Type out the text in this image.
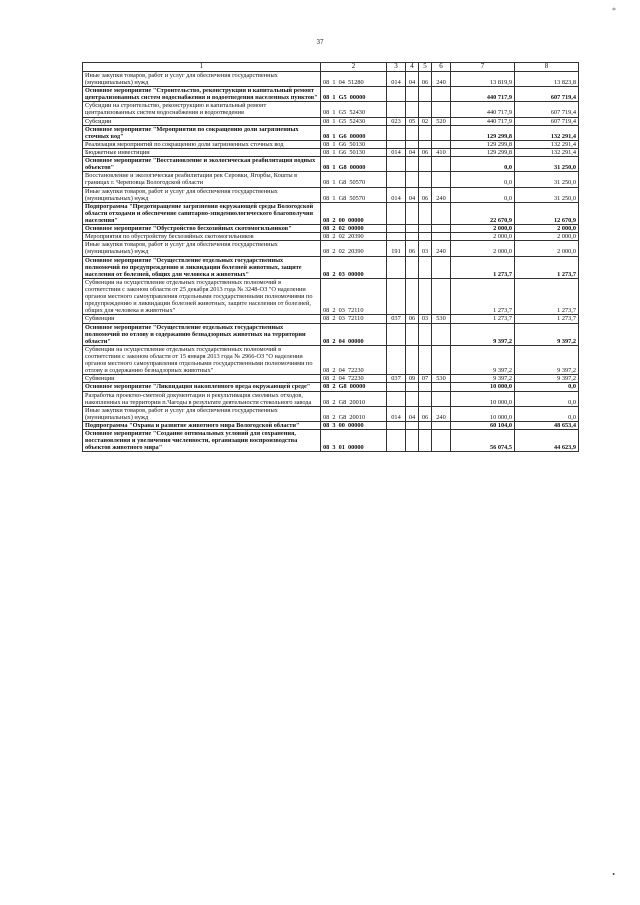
*
37
1	2	3	4	5	6	7	8
Иные закупки товаров, работ и услуг для обеспечения государственных (муниципальных) нужд	08 1 04 51280	014	04	06	240	13 819,9	13 823,8
Основное мероприятие "Строительство, реконструкция и капитальный ремонт централизованных систем водоснабжения и водоотведения населенных пунктов"	08 1 G5 00000					440 717,9	607 719,4
Субсидии на строительство, реконструкцию и капитальный ремонт централизованных систем водоснабжения и водоотведения	08 1 G5 52430					440 717,9	607 719,4
Субсидии	08 1 G5 52430	023	05	02	520	440 717,9	607 719,4
Основное мероприятие "Мероприятия по сокращению доли загрязненных сточных вод"	08 1 G6 00000					129 299,8	132 291,4
Реализация мероприятий по сокращению доли загрязненных сточных вод	08 1 G6 50130					129 299,8	132 291,4
Бюджетные инвестиции	08 1 G6 50130	014	04	06	410	129 299,8	132 291,4
Основное мероприятие "Восстановление и экологическая реабилитация водных объектов"	08 1 G8 00000					0,0	31 250,0
Восстановление и экологическая реабилитация рек Серовки, Ягорбы, Кошты в границах г. Череповца Вологодской области	08 1 G8 50570					0,0	31 250,0
Иные закупки товаров, работ и услуг для обеспечения государственных (муниципальных) нужд	08 1 G8 50570	014	04	06	240	0,0	31 250,0
Подпрограмма "Предотвращение загрязнения окружающей среды Вологодской области отходами и обеспечение санитарно-эпидемиологического благополучия населения"	08 2 00 00000					22 670,9	12 670,9
Основное мероприятие "Обустройство бесхозяйных скотомогильников"	08 2 02 00000					2 000,0	2 000,0
Мероприятия по обустройству бесхозяйных скотомогильников	08 2 02 20390					2 000,0	2 000,0
Иные закупки товаров, работ и услуг для обеспечения государственных (муниципальных) нужд	08 2 02 20390	191	06	03	240	2 000,0	2 000,0
Основное мероприятие "Осуществление отдельных государственных полномочий по предупреждению и ликвидации болезней животных, защите населения от болезней, общих для человека и животных"	08 2 03 00000					1 273,7	1 273,7
Субвенции на осуществление отдельных государственных полномочий в соответствии с законом области от 25 декабря 2013 года № 3248-ОЗ "О наделении органов местного самоуправления отдельными государственными полномочиями по предупреждению и ликвидации болезней животных, защите населения от болезней, общих для человека и животных"	08 2 03 72110					1 273,7	1 273,7
Субвенции	08 2 03 72110	037	06	03	530	1 273,7	1 273,7
Основное мероприятие "Осуществление отдельных государственных полномочий по отлову и содержанию безнадзорных животных на территории области"	08 2 04 00000					9 397,2	9 397,2
Субвенции на осуществление отдельных государственных полномочий в соответствии с законом области от 15 января 2013 года № 2966-ОЗ "О наделении органов местного самоуправления отдельными государственными полномочиями по отлову и содержанию безнадзорных животных"	08 2 04 72230					9 397,2	9 397,2
Субвенции	08 2 04 72230	037	09	07	530	9 397,2	9 397,2
Основное мероприятие "Ликвидация накопленного вреда окружающей среде"	08 2 G8 00000					10 000,0	0,0
Разработка проектно-сметной документации и рекультивация смоляных отходов, накопленных на территории п.Чагоды в результате деятельности стекольного завода	08 2 G8 20010					10 000,0	0,0
Иные закупки товаров, работ и услуг для обеспечения государственных (муниципальных) нужд	08 2 G8 20010	014	04	06	240	10 000,0	0,0
Подпрограмма "Охрана и развитие животного мира Вологодской области"	08 3 00 00000					60 104,0	48 653,4
Основное мероприятие "Создание оптимальных условий для сохранения, восстановления и увеличения численности, организации воспроизводства объектов животного мира"	08 3 01 00000					56 074,5	44 623,9
•
